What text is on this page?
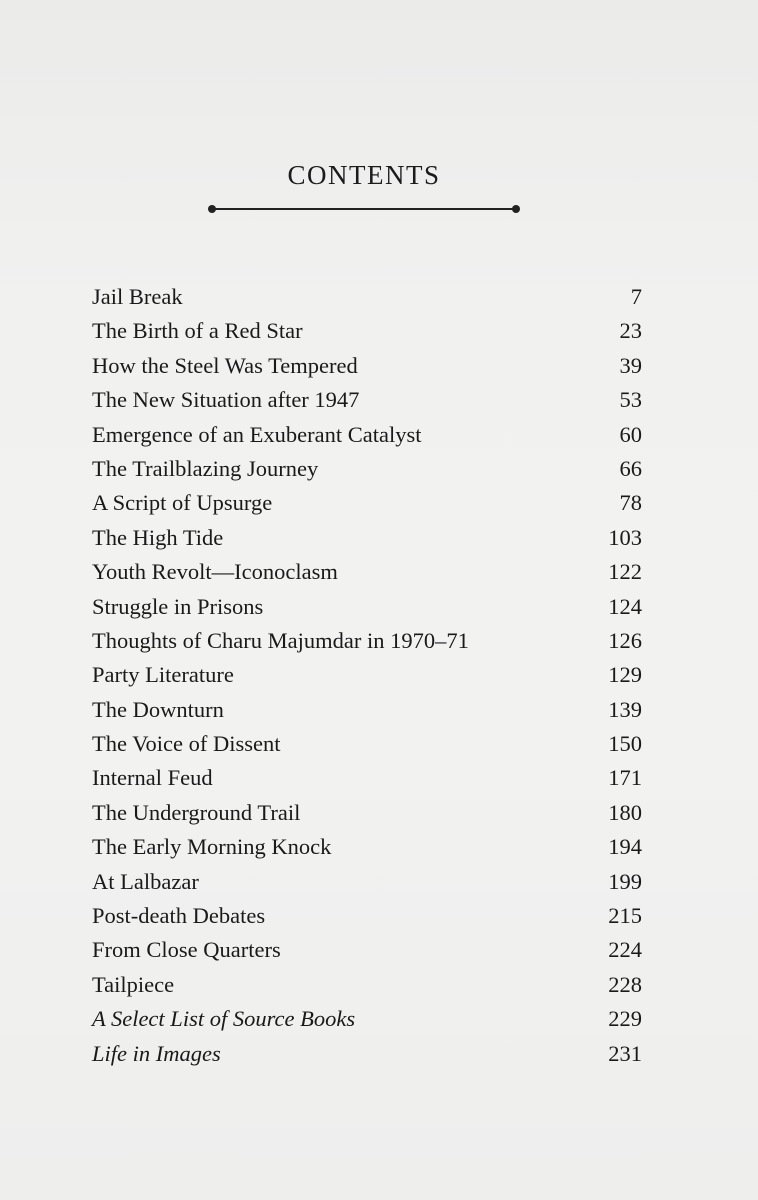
CONTENTS
Jail Break	7
The Birth of a Red Star	23
How the Steel Was Tempered	39
The New Situation after 1947	53
Emergence of an Exuberant Catalyst	60
The Trailblazing Journey	66
A Script of Upsurge	78
The High Tide	103
Youth Revolt—Iconoclasm	122
Struggle in Prisons	124
Thoughts of Charu Majumdar in 1970–71	126
Party Literature	129
The Downturn	139
The Voice of Dissent	150
Internal Feud	171
The Underground Trail	180
The Early Morning Knock	194
At Lalbazar	199
Post-death Debates	215
From Close Quarters	224
Tailpiece	228
A Select List of Source Books	229
Life in Images	231
